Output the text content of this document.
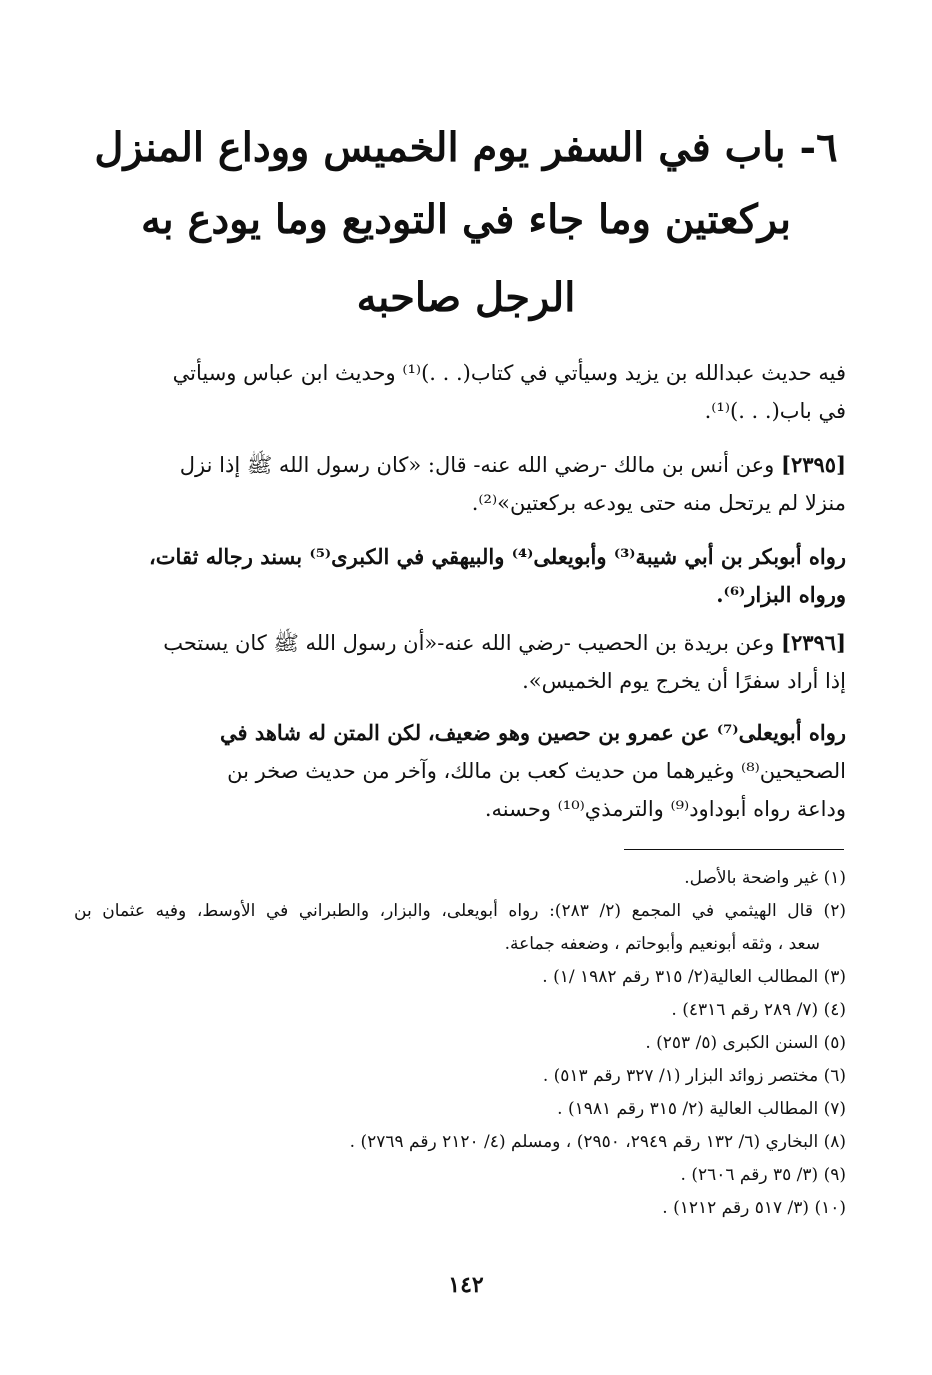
٦- باب في السفر يوم الخميس ووداع المنزل
بركعتين وما جاء في التوديع وما يودع به
الرجل صاحبه
فيه حديث عبدالله بن يزيد وسيأتي في كتاب(. . .)⁽¹⁾ وحديث ابن عباس وسيأتي
في باب(. . .)⁽¹⁾.
[٢٣٩٥] وعن أنس بن مالك -رضي الله عنه- قال: «كان رسول الله ﷺ إذا نزل
منزلا لم يرتحل منه حتى يودعه بركعتين»⁽²⁾.
رواه أبوبكر بن أبي شيبة⁽³⁾ وأبويعلى⁽⁴⁾ والبيهقي في الكبرى⁽⁵⁾ بسند رجاله ثقات،
ورواه البزار⁽⁶⁾.
[٢٣٩٦] وعن بريدة بن الحصيب -رضي الله عنه-«أن رسول الله ﷺ كان يستحب
إذا أراد سفرًا أن يخرج يوم الخميس».
رواه أبويعلى⁽⁷⁾ عن عمرو بن حصين وهو ضعيف، لكن المتن له شاهد في
الصحيحين⁽⁸⁾ وغيرهما من حديث كعب بن مالك، وآخر من حديث صخر بن
وداعة رواه أبوداود⁽⁹⁾ والترمذي⁽¹⁰⁾ وحسنه.
(١) غير واضحة بالأصل.
(٢) قال الهيثمي في المجمع (٢/ ٢٨٣): رواه أبويعلى، والبزار، والطبراني في الأوسط، وفيه عثمان بن
سعد ، وثقه أبونعيم وأبوحاتم ، وضعفه جماعة.
(٣) المطالب العالية(٢/ ٣١٥ رقم ١٩٨٢ /١) .
(٤) (٧/ ٢٨٩ رقم ٤٣١٦) .
(٥) السنن الكبرى (٥/ ٢٥٣) .
(٦) مختصر زوائد البزار (١/ ٣٢٧ رقم ٥١٣) .
(٧) المطالب العالية (٢/ ٣١٥ رقم ١٩٨١) .
(٨) البخاري (٦/ ١٣٢ رقم ٢٩٤٩، ٢٩٥٠) ، ومسلم (٤/ ٢١٢٠ رقم ٢٧٦٩) .
(٩) (٣/ ٣٥ رقم ٢٦٠٦) .
(١٠) (٣/ ٥١٧ رقم ١٢١٢) .
١٤٢
